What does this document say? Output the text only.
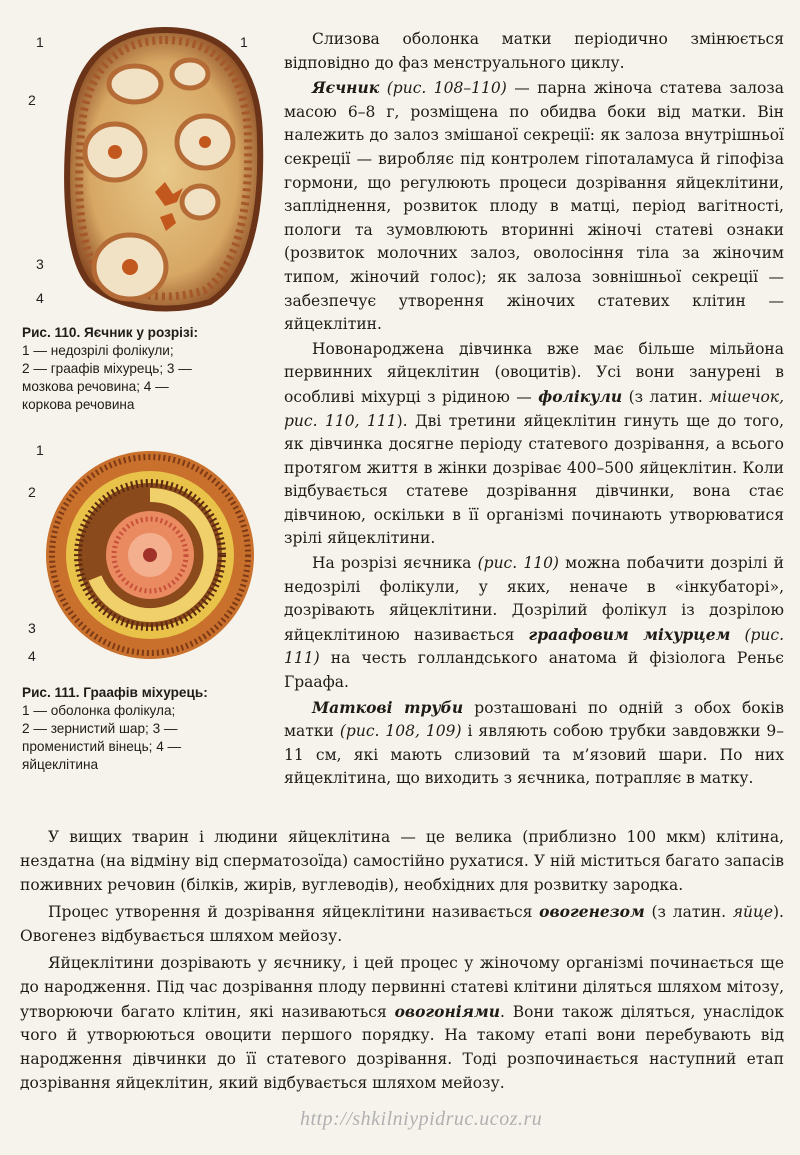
1	1
2
3
4
Рис. 110. Яєчник у розрізі:
1 — недозрілі фолікули;
2 — граафів міхурець; 3 —
мозкова речовина; 4 —
коркова речовина
1
2
3
4
Рис. 111. Граафів міхурець:
1 — оболонка фолікула;
2 — зернистий шар; 3 —
променистий вінець; 4 —
яйцеклітина

Слизова оболонка матки періодично змінюється відповідно до фаз менструального циклу.

Яєчник (рис. 108–110) — парна жіноча статева залоза масою 6–8 г, розміщена по обидва боки від матки. Він належить до залоз змішаної секреції: як залоза внутрішньої секреції — виробляє під контролем гіпоталамуса й гіпофіза гормони, що регулюють процеси дозрівання яйцеклітини, запліднення, розвиток плоду в матці, період вагітності, пологи та зумовлюють вторинні жіночі статеві ознаки (розвиток молочних залоз, оволосіння тіла за жіночим типом, жіночий голос); як залоза зовнішньої секреції — забезпечує утворення жіночих статевих клітин — яйцеклітин.

Новонароджена дівчинка вже має більше мільйона первинних яйцеклітин (овоцитів). Усі вони занурені в особливі міхурці з рідиною — фолікули (з латин. мішечок, рис. 110, 111). Дві третини яйцеклітин гинуть ще до того, як дівчинка досягне періоду статевого дозрівання, а всього протягом життя в жінки дозріває 400–500 яйцеклітин. Коли відбувається статеве дозрівання дівчинки, вона стає дівчиною, оскільки в її організмі починають утворюватися зрілі яйцеклітини.

На розрізі яєчника (рис. 110) можна побачити дозрілі й недозрілі фолікули, у яких, неначе в «інкубаторі», дозрівають яйцеклітини. Дозрілий фолікул із дозрілою яйцеклітиною називається граафовим міхурцем (рис. 111) на честь голландського анатома й фізіолога Реньє Граафа.

Маткові труби розташовані по одній з обох боків матки (рис. 108, 109) і являють собою трубки завдовжки 9–11 см, які мають слизовий та м’язовий шари. По них яйцеклітина, що виходить з яєчника, потрапляє в матку.

У вищих тварин і людини яйцеклітина — це велика (приблизно 100 мкм) клітина, нездатна (на відміну від сперматозоїда) самостійно рухатися. У ній міститься багато запасів поживних речовин (білків, жирів, вуглеводів), необхідних для розвитку зародка.

Процес утворення й дозрівання яйцеклітини називається овогенезом (з латин. яйце). Овогенез відбувається шляхом мейозу.

Яйцеклітини дозрівають у яєчнику, і цей процес у жіночому організмі починається ще до народження. Під час дозрівання плоду первинні статеві клітини діляться шляхом мітозу, утворюючи багато клітин, які називаються овогоніями. Вони також діляться, унаслідок чого й утворюються овоцити першого порядку. На такому етапі вони перебувають від народження дівчинки до її статевого дозрівання. Тоді розпочинається наступний етап дозрівання яйцеклітин, який відбувається шляхом мейозу.

http://shkilniypidruc.ucoz.ru
